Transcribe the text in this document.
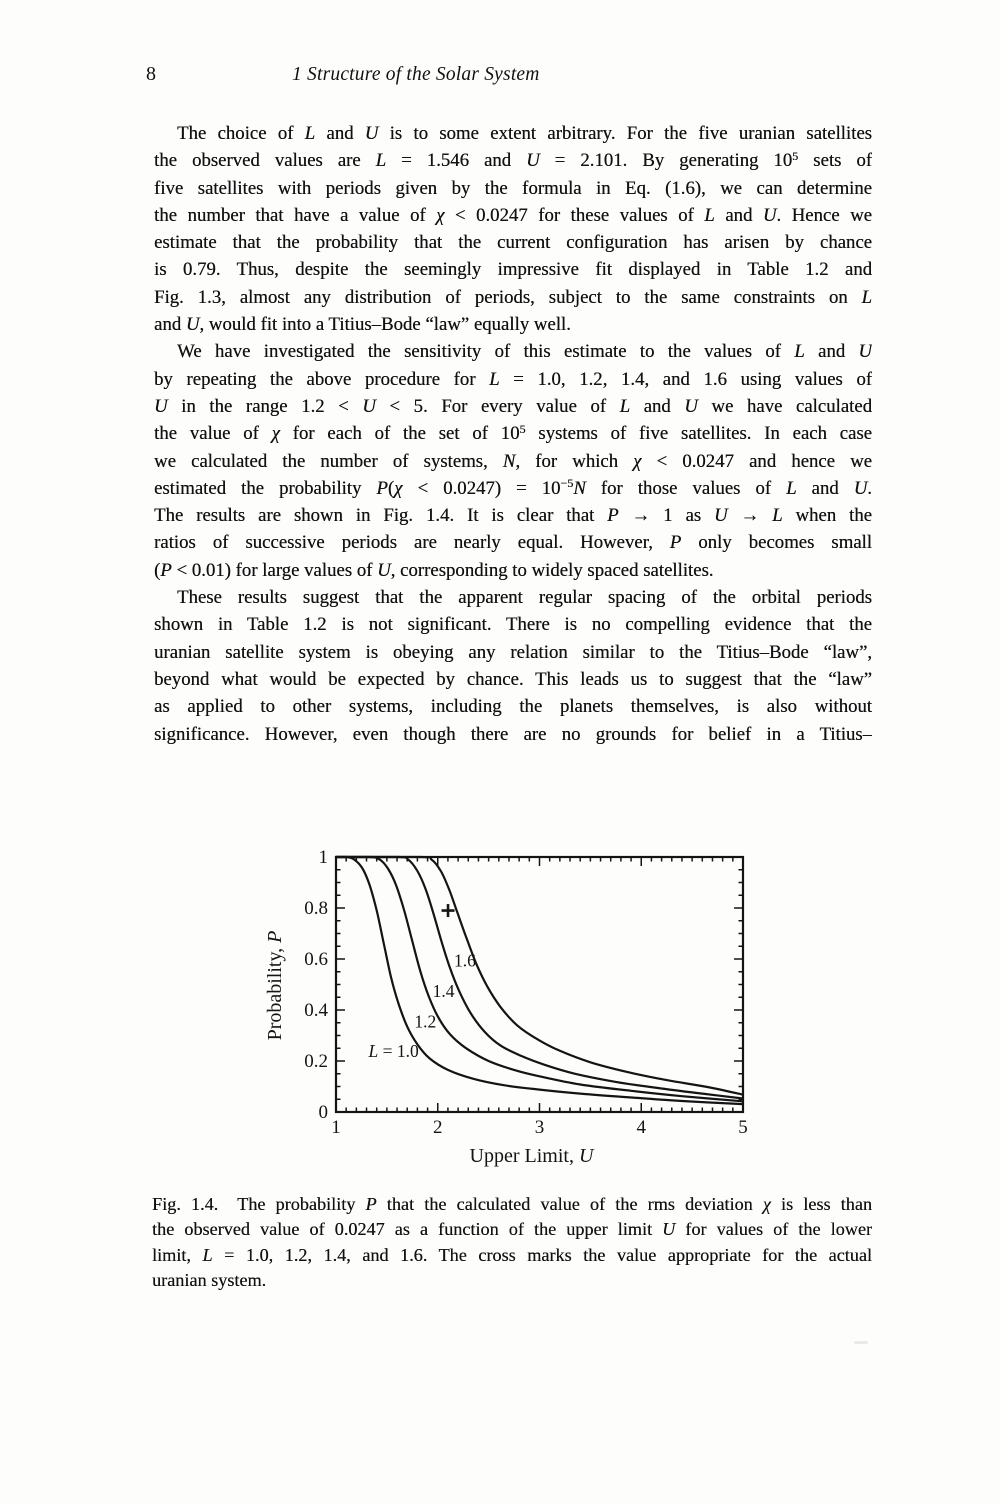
8	1 Structure of the Solar System
The choice of L and U is to some extent arbitrary. For the five uranian satellites
the observed values are L = 1.546 and U = 2.101. By generating $10^5$ sets of
five satellites with periods given by the formula in Eq. (1.6), we can determine
the number that have a value of χ < 0.0247 for these values of L and U. Hence we
estimate that the probability that the current configuration has arisen by chance
is 0.79. Thus, despite the seemingly impressive fit displayed in Table 1.2 and
Fig. 1.3, almost any distribution of periods, subject to the same constraints on L
and U, would fit into a Titius–Bode “law” equally well.
We have investigated the sensitivity of this estimate to the values of L and U
by repeating the above procedure for L = 1.0, 1.2, 1.4, and 1.6 using values of
U in the range 1.2 < U < 5. For every value of L and U we have calculated
the value of χ for each of the set of $10^5$ systems of five satellites. In each case
we calculated the number of systems, N, for which χ < 0.0247 and hence we
estimated the probability $P(\chi < 0.0247) = 10^{-5}N$ for those values of L and U.
The results are shown in Fig. 1.4. It is clear that P → 1 as U → L when the
ratios of successive periods are nearly equal. However, P only becomes small
(P < 0.01) for large values of U, corresponding to widely spaced satellites.
These results suggest that the apparent regular spacing of the orbital periods
shown in Table 1.2 is not significant. There is no compelling evidence that the
uranian satellite system is obeying any relation similar to the Titius–Bode “law”,
beyond what would be expected by chance. This leads us to suggest that the “law”
as applied to other systems, including the planets themselves, is also without
significance. However, even though there are no grounds for belief in a Titius–
1	2	3	4	5
0
0.2
0.4
0.6
0.8
1
Upper Limit, U
Probability, P
L = 1.0
1.2
1.4
1.6
Fig. 1.4.  The probability P that the calculated value of the rms deviation χ is less than
the observed value of 0.0247 as a function of the upper limit U for values of the lower
limit, L = 1.0, 1.2, 1.4, and 1.6. The cross marks the value appropriate for the actual
uranian system.
